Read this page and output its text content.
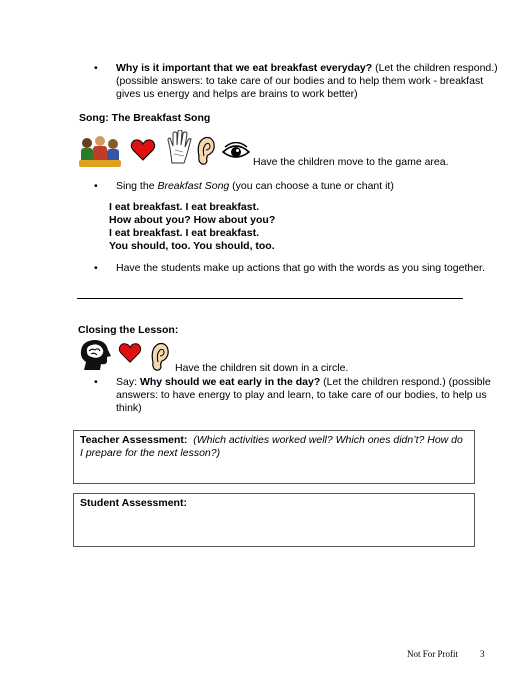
•	Why is it important that we eat breakfast everyday? (Let the children respond.) (possible answers: to take care of our bodies and to help them work - breakfast gives us energy and helps are brains to work better)
Song: The Breakfast Song
Have the children move to the game area.
•	Sing the Breakfast Song (you can choose a tune or chant it)
I eat breakfast. I eat breakfast.
How about you? How about you?
I eat breakfast. I eat breakfast.
You should, too. You should, too.
•	Have the students make up actions that go with the words as you sing together.
Closing the Lesson:
Have the children sit down in a circle.
•	Say: Why should we eat early in the day? (Let the children respond.) (possible answers: to have energy to play and learn, to take care of our bodies, to help us think)
Teacher Assessment: (Which activities worked well? Which ones didn’t? How do I prepare for the next lesson?)
Student Assessment:
Not For Profit 3
